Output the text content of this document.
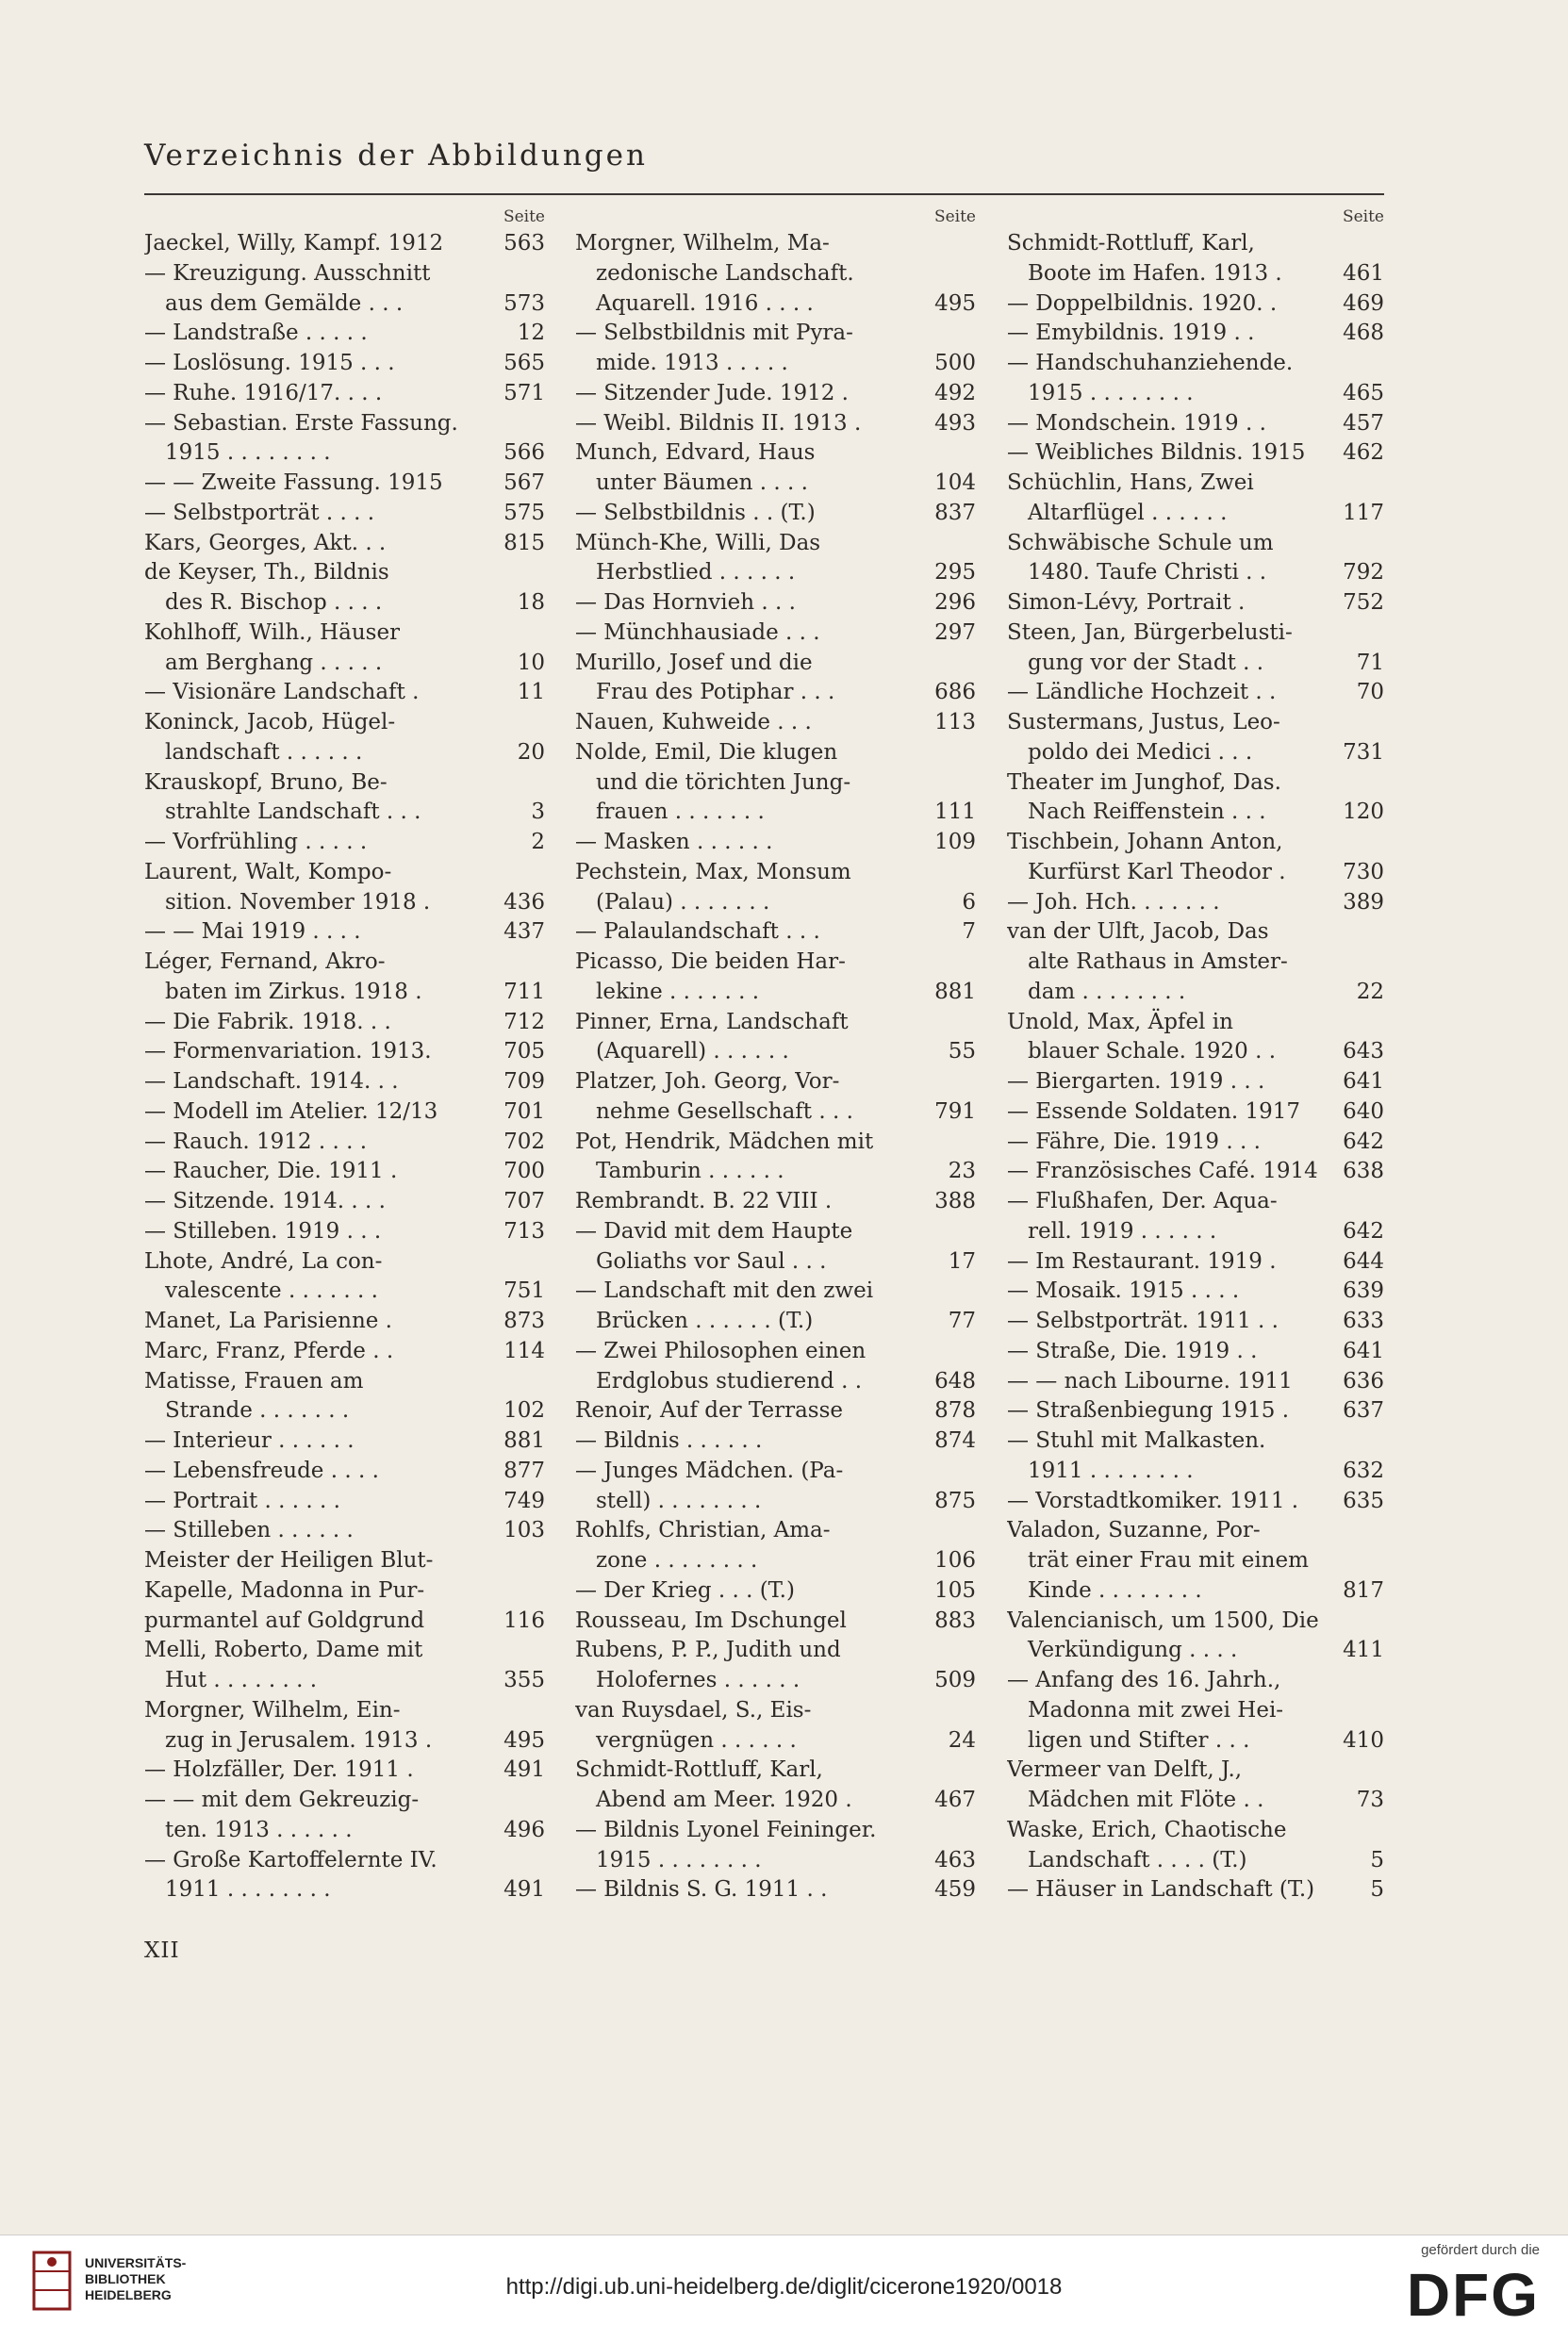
Verzeichnis der Abbildungen
Seite
Jaeckel, Willy, Kampf. 1912	563
— Kreuzigung. Ausschnitt
aus dem Gemälde . . .	573
— Landstraße . . . . .	12
— Loslösung. 1915 . . .	565
— Ruhe. 1916/17. . . .	571
— Sebastian. Erste Fassung.
1915 . . . . . . . .	566
— — Zweite Fassung. 1915	567
— Selbstporträt . . . .	575
Kars, Georges, Akt. . .	815
de Keyser, Th., Bildnis
des R. Bischop . . . .	18
Kohlhoff, Wilh., Häuser
am Berghang . . . . .	10
— Visionäre Landschaft .	11
Koninck, Jacob, Hügel-
landschaft . . . . . .	20
Krauskopf, Bruno, Be-
strahlte Landschaft . . .	3
— Vorfrühling . . . . .	2
Laurent, Walt, Kompo-
sition. November 1918 .	436
— — Mai 1919 . . . .	437
Léger, Fernand, Akro-
baten im Zirkus. 1918 .	711
— Die Fabrik. 1918. . .	712
— Formenvariation. 1913.	705
— Landschaft. 1914. . .	709
— Modell im Atelier. 12/13	701
— Rauch. 1912 . . . .	702
— Raucher, Die. 1911 .	700
— Sitzende. 1914. . . .	707
— Stilleben. 1919 . . .	713
Lhote, André, La con-
valescente . . . . . . .	751
Manet, La Parisienne .	873
Marc, Franz, Pferde . .	114
Matisse, Frauen am
Strande . . . . . . .	102
— Interieur . . . . . .	881
— Lebensfreude . . . .	877
— Portrait . . . . . .	749
— Stilleben . . . . . .	103
Meister der Heiligen Blut-
Kapelle, Madonna in Pur-
purmantel auf Goldgrund	116
Melli, Roberto, Dame mit
Hut . . . . . . . .	355
Morgner, Wilhelm, Ein-
zug in Jerusalem. 1913 .	495
— Holzfäller, Der. 1911 .	491
— — mit dem Gekreuzig-
ten. 1913 . . . . . .	496
— Große Kartoffelernte IV.
1911 . . . . . . . .	491
Seite
Morgner, Wilhelm, Ma-
zedonische Landschaft.
Aquarell. 1916 . . . .	495
— Selbstbildnis mit Pyra-
mide. 1913 . . . . .	500
— Sitzender Jude. 1912 .	492
— Weibl. Bildnis II. 1913 .	493
Munch, Edvard, Haus
unter Bäumen . . . .	104
— Selbstbildnis . . (T.)	837
Münch-Khe, Willi, Das
Herbstlied . . . . . .	295
— Das Hornvieh . . .	296
— Münchhausiade . . .	297
Murillo, Josef und die
Frau des Potiphar . . .	686
Nauen, Kuhweide . . .	113
Nolde, Emil, Die klugen
und die törichten Jung-
frauen . . . . . . .	111
— Masken . . . . . .	109
Pechstein, Max, Monsum
(Palau) . . . . . . .	6
— Palaulandschaft . . .	7
Picasso, Die beiden Har-
lekine . . . . . . .	881
Pinner, Erna, Landschaft
(Aquarell) . . . . . .	55
Platzer, Joh. Georg, Vor-
nehme Gesellschaft . . .	791
Pot, Hendrik, Mädchen mit
Tamburin . . . . . .	23
Rembrandt. B. 22 VIII .	388
— David mit dem Haupte
Goliaths vor Saul . . .	17
— Landschaft mit den zwei
Brücken . . . . . . (T.)	77
— Zwei Philosophen einen
Erdglobus studierend . .	648
Renoir, Auf der Terrasse	878
— Bildnis . . . . . .	874
— Junges Mädchen. (Pa-
stell) . . . . . . . .	875
Rohlfs, Christian, Ama-
zone . . . . . . . .	106
— Der Krieg . . . (T.)	105
Rousseau, Im Dschungel	883
Rubens, P. P., Judith und
Holofernes . . . . . .	509
van Ruysdael, S., Eis-
vergnügen . . . . . .	24
Schmidt-Rottluff, Karl,
Abend am Meer. 1920 .	467
— Bildnis Lyonel Feininger.
1915 . . . . . . . .	463
— Bildnis S. G. 1911 . .	459
Seite
Schmidt-Rottluff, Karl,
Boote im Hafen. 1913 .	461
— Doppelbildnis. 1920. .	469
— Emybildnis. 1919 . .	468
— Handschuhanziehende.
1915 . . . . . . . .	465
— Mondschein. 1919 . .	457
— Weibliches Bildnis. 1915	462
Schüchlin, Hans, Zwei
Altarflügel . . . . . .	117
Schwäbische Schule um
1480. Taufe Christi . .	792
Simon-Lévy, Portrait .	752
Steen, Jan, Bürgerbelusti-
gung vor der Stadt . .	71
— Ländliche Hochzeit . .	70
Sustermans, Justus, Leo-
poldo dei Medici . . .	731
Theater im Junghof, Das.
Nach Reiffenstein . . .	120
Tischbein, Johann Anton,
Kurfürst Karl Theodor .	730
— Joh. Hch. . . . . . .	389
van der Ulft, Jacob, Das
alte Rathaus in Amster-
dam . . . . . . . .	22
Unold, Max, Äpfel in
blauer Schale. 1920 . .	643
— Biergarten. 1919 . . .	641
— Essende Soldaten. 1917	640
— Fähre, Die. 1919 . . .	642
— Französisches Café. 1914	638
— Flußhafen, Der. Aqua-
rell. 1919 . . . . . .	642
— Im Restaurant. 1919 .	644
— Mosaik. 1915 . . . .	639
— Selbstporträt. 1911 . .	633
— Straße, Die. 1919 . .	641
— — nach Libourne. 1911	636
— Straßenbiegung 1915 .	637
— Stuhl mit Malkasten.
1911 . . . . . . . .	632
— Vorstadtkomiker. 1911 .	635
Valadon, Suzanne, Por-
trät einer Frau mit einem
Kinde . . . . . . . .	817
Valencianisch, um 1500, Die
Verkündigung . . . .	411
— Anfang des 16. Jahrh.,
Madonna mit zwei Hei-
ligen und Stifter . . .	410
Vermeer van Delft, J.,
Mädchen mit Flöte . .	73
Waske, Erich, Chaotische
Landschaft . . . . (T.)	5
— Häuser in Landschaft (T.)	5
XII
UNIVERSITÄTS-
BIBLIOTHEK
HEIDELBERG	http://digi.ub.uni-heidelberg.de/diglit/cicerone1920/0018
gefördert durch die
DFG
